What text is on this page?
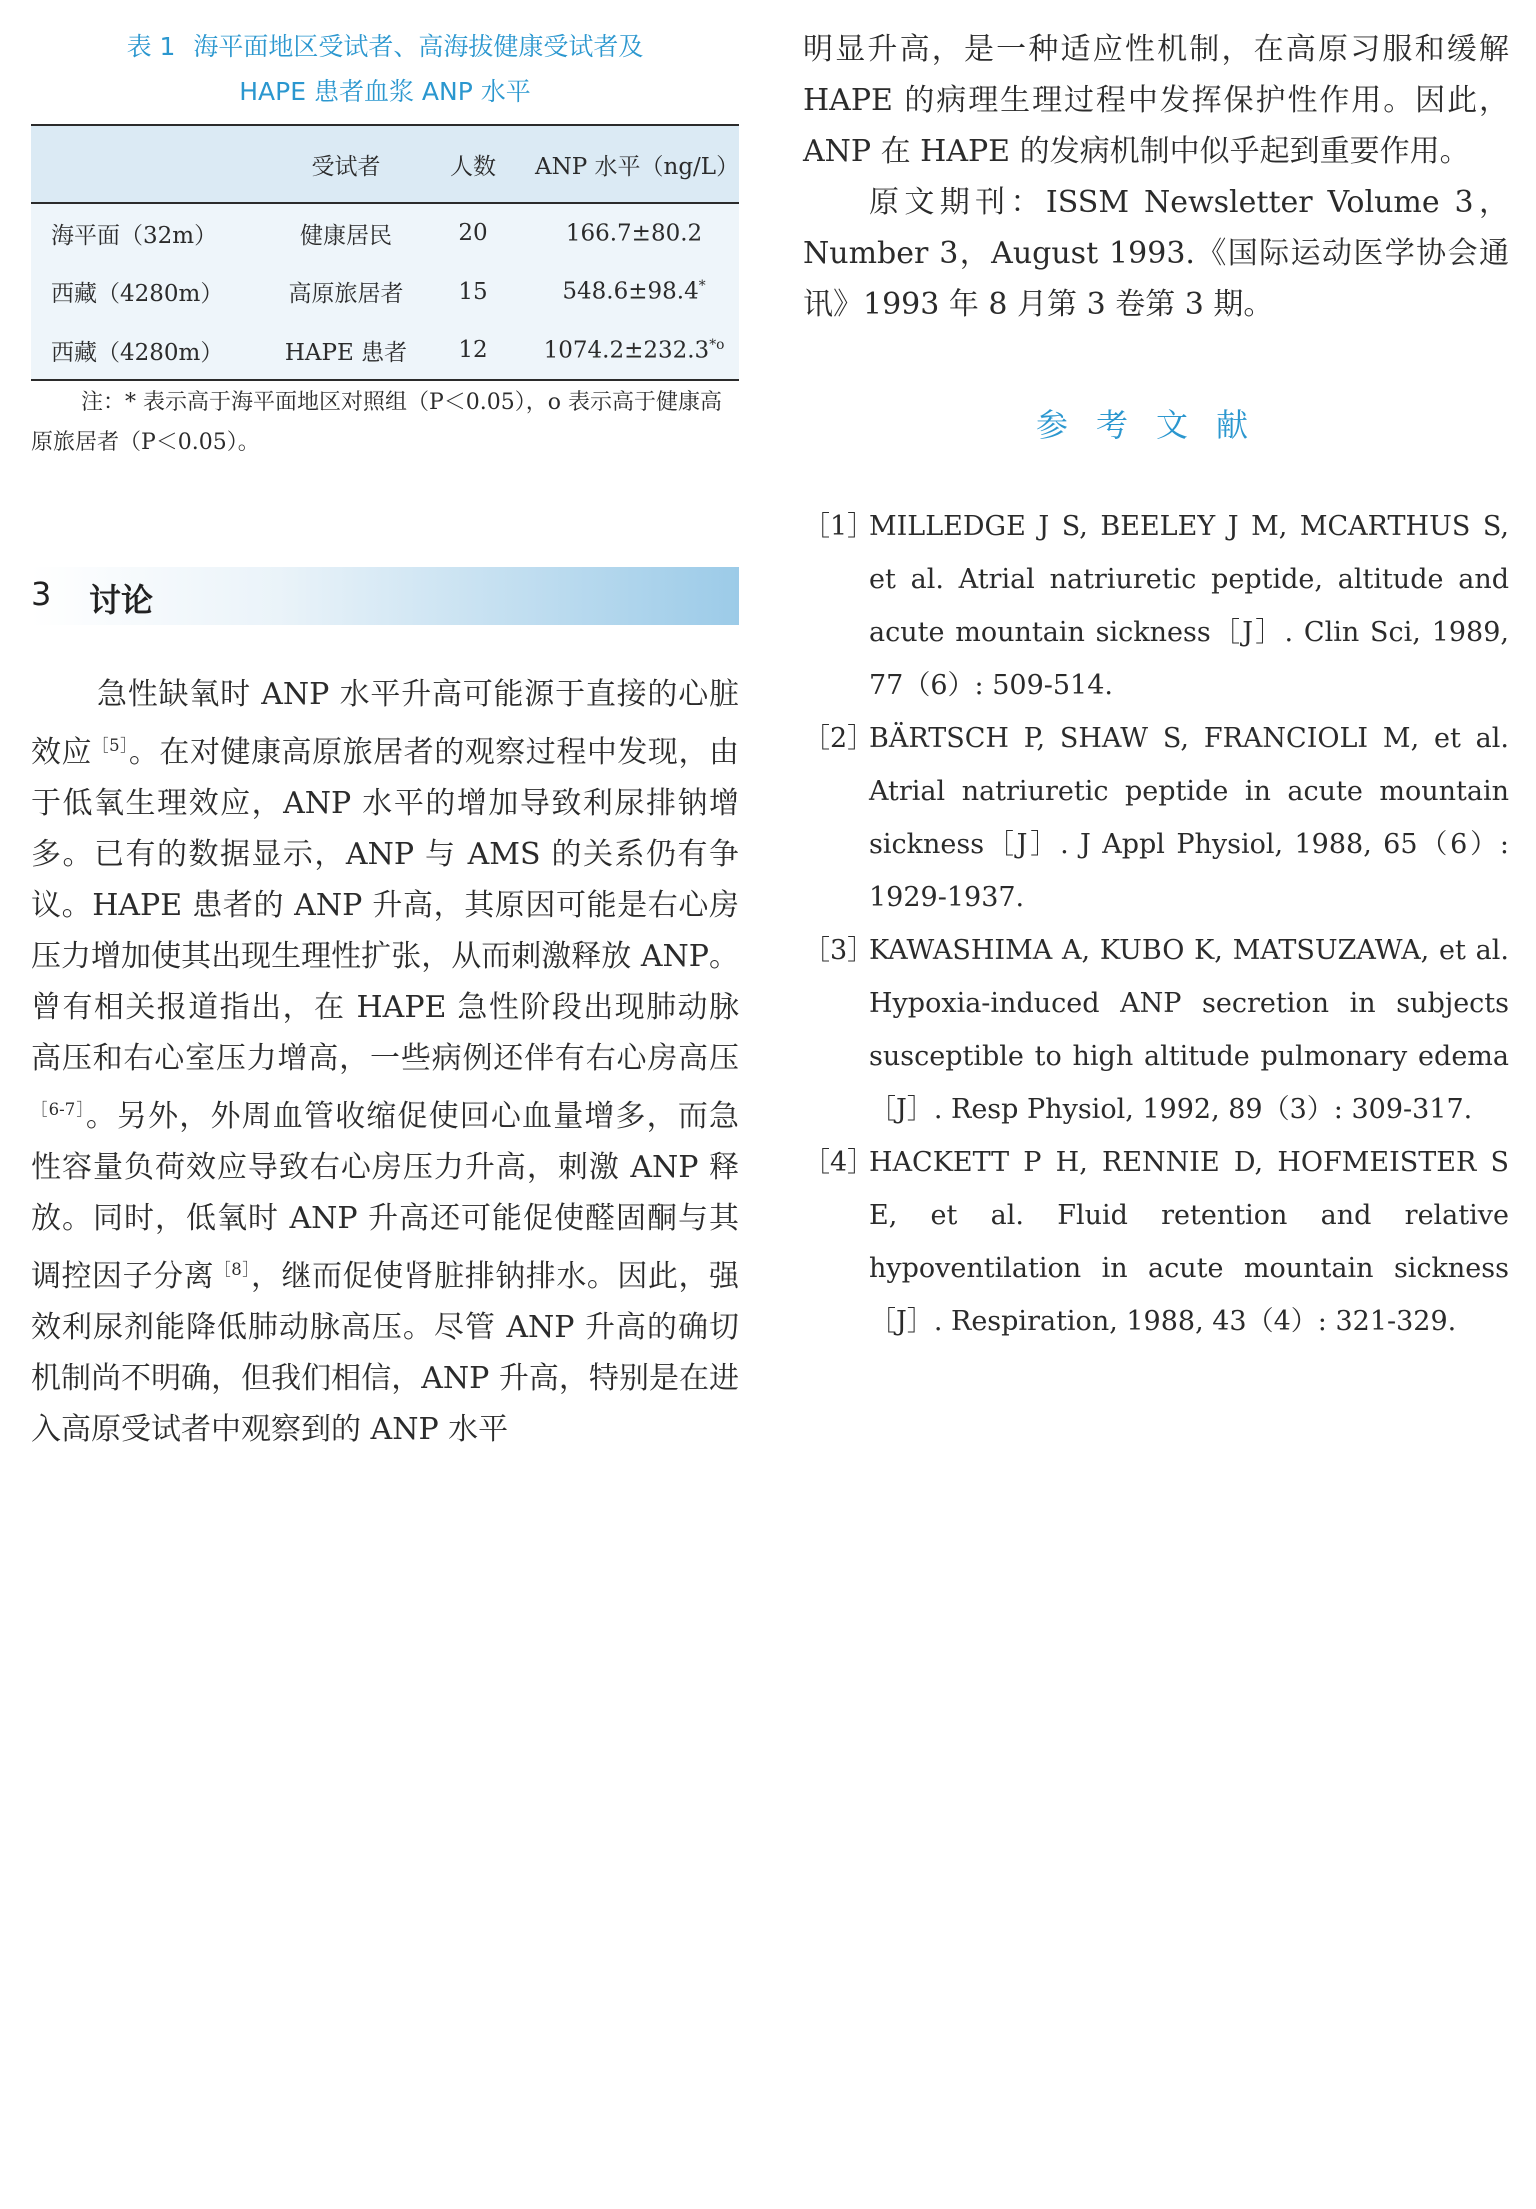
表 1 海平面地区受试者、高海拔健康受试者及
HAPE 患者血浆 ANP 水平
	受试者	人数	ANP 水平（ng/L）
海平面（32m）	健康居民	20	166.7±80.2
西藏（4280m）	高原旅居者	15	548.6±98.4*
西藏（4280m）	HAPE 患者	12	$1074.2\pm 232.3^{*o}$

注：* 表示高于海平面地区对照组（P＜0.05），o 表示高于健康高原旅居者（P＜0.05）。

3 讨论

急性缺氧时 ANP 水平升高可能源于直接的心脏效应$^{[5]}$。在对健康高原旅居者的观察过程中发现，由于低氧生理效应，ANP 水平的增加导致利尿排钠增多。已有的数据显示，ANP 与 AMS 的关系仍有争议。HAPE 患者的 ANP 升高，其原因可能是右心房压力增加使其出现生理性扩张，从而刺激释放 ANP。曾有相关报道指出，在 HAPE 急性阶段出现肺动脉高压和右心室压力增高，一些病例还伴有右心房高压$^{[6-7]}$。另外，外周血管收缩促使回心血量增多，而急性容量负荷效应导致右心房压力升高，刺激 ANP 释放。同时，低氧时 ANP 升高还可能促使醛固酮与其调控因子分离$^{[8]}$，继而促使肾脏排钠排水。因此，强效利尿剂能降低肺动脉高压。尽管 ANP 升高的确切机制尚不明确，但我们相信，ANP 升高，特别是在进入高原受试者中观察到的 ANP 水平

明显升高，是一种适应性机制，在高原习服和缓解 HAPE 的病理生理过程中发挥保护性作用。因此，ANP 在 HAPE 的发病机制中似乎起到重要作用。

原文期刊：ISSM Newsletter Volume 3，Number 3，August 1993.《国际运动医学协会通讯》1993 年 8 月第 3 卷第 3 期。

参考文献

［1］
MILLEDGE J S, BEELEY J M, MCARTHUS S, et al. Atrial natriuretic peptide, altitude and acute mountain sickness［J］. Clin Sci, 1989, 77（6）: 509-514.

［2］
BÄRTSCH P, SHAW S, FRANCIOLI M, et al. Atrial natriuretic peptide in acute mountain sickness［J］. J Appl Physiol, 1988, 65（6）: 1929-1937.

［3］
KAWASHIMA A, KUBO K, MATSUZAWA, et al. Hypoxia-induced ANP secretion in subjects susceptible to high altitude pulmonary edema［J］. Resp Physiol, 1992, 89（3）: 309-317.

［4］
HACKETT P H, RENNIE D, HOFMEISTER S E, et al. Fluid retention and relative hypoventilation in acute mountain sickness［J］. Respiration, 1988, 43（4）: 321-329.
